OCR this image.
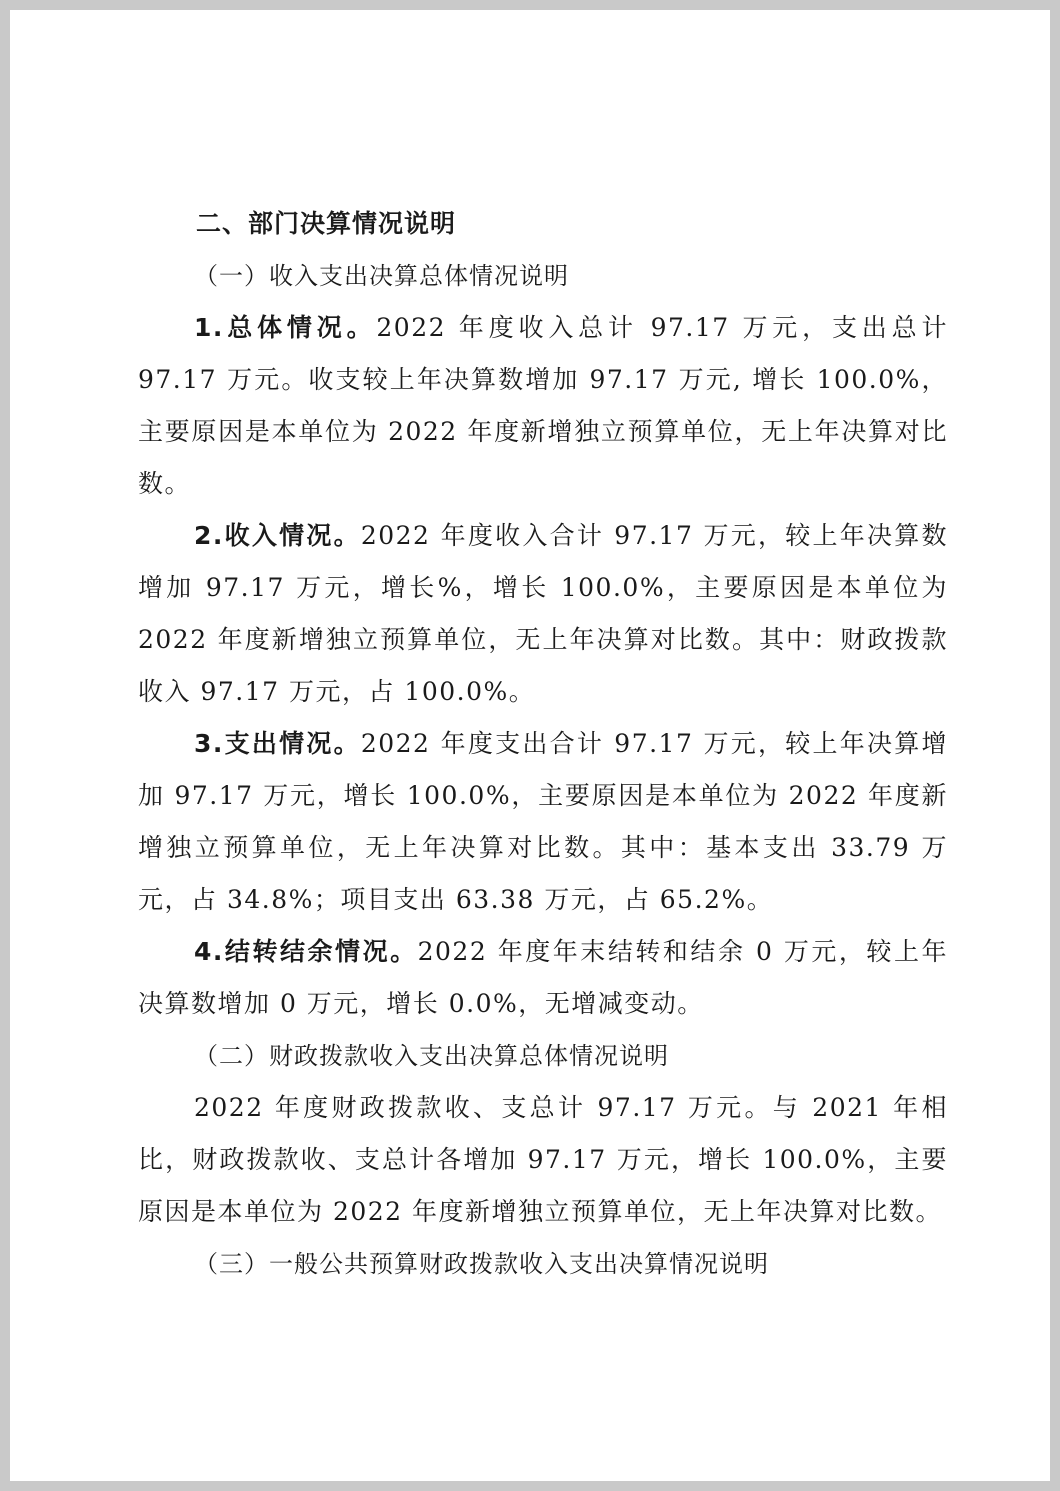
二、部门决算情况说明

（一）收入支出决算总体情况说明

1.总体情况。2022 年度收入总计 97.17 万元，支出总计 97.17 万元。收支较上年决算数增加 97.17 万元, 增长 100.0%，主要原因是本单位为 2022 年度新增独立预算单位，无上年决算对比数。

2.收入情况。2022 年度收入合计 97.17 万元，较上年决算数增加 97.17 万元，增长%，增长 100.0%，主要原因是本单位为 2022 年度新增独立预算单位，无上年决算对比数。其中：财政拨款收入 97.17 万元，占 100.0%。

3.支出情况。2022 年度支出合计 97.17 万元，较上年决算增加 97.17 万元，增长 100.0%，主要原因是本单位为 2022 年度新增独立预算单位，无上年决算对比数。其中：基本支出 33.79 万元，占 34.8%；项目支出 63.38 万元，占 65.2%。

4.结转结余情况。2022 年度年末结转和结余 0 万元，较上年决算数增加 0 万元，增长 0.0%，无增减变动。

（二）财政拨款收入支出决算总体情况说明

2022 年度财政拨款收、支总计 97.17 万元。与 2021 年相比，财政拨款收、支总计各增加 97.17 万元，增长 100.0%，主要原因是本单位为 2022 年度新增独立预算单位，无上年决算对比数。

（三）一般公共预算财政拨款收入支出决算情况说明
